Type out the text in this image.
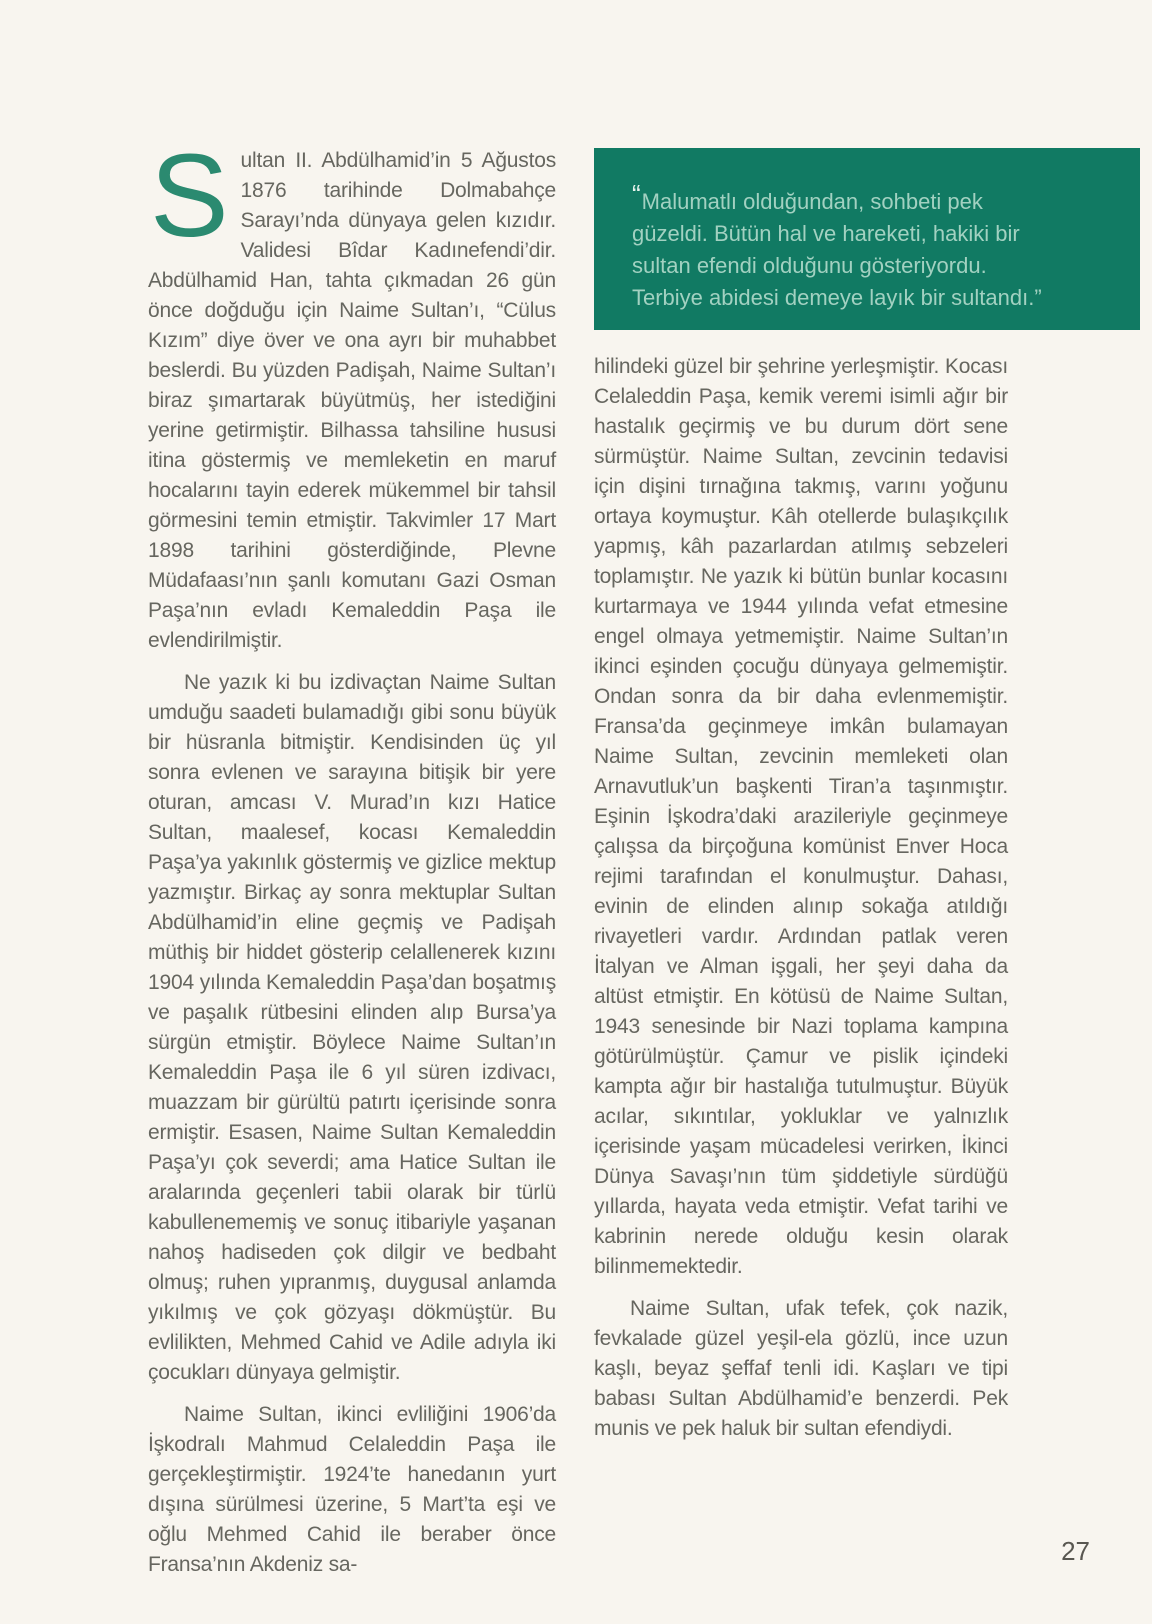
Sultan II. Abdülhamid’in 5 Ağustos 1876 tarihinde Dolmabahçe Sarayı’nda dünyaya gelen kızıdır. Validesi Bîdar Kadınefendi’dir. Abdülhamid Han, tahta çıkmadan 26 gün önce doğduğu için Naime Sultan’ı, “Cülus Kızım” diye över ve ona ayrı bir muhabbet beslerdi. Bu yüzden Padişah, Naime Sultan’ı biraz şımartarak büyütmüş, her istediğini yerine getirmiştir. Bilhassa tahsiline hususi itina göstermiş ve memleketin en maruf hocalarını tayin ederek mükemmel bir tahsil görmesini temin etmiştir. Takvimler 17 Mart 1898 tarihini gösterdiğinde, Plevne Müdafaası’nın şanlı komutanı Gazi Osman Paşa’nın evladı Kemaleddin Paşa ile evlendirilmiştir.

Ne yazık ki bu izdivaçtan Naime Sultan umduğu saadeti bulamadığı gibi sonu büyük bir hüsranla bitmiştir. Kendisinden üç yıl sonra evlenen ve sarayına bitişik bir yere oturan, amcası V. Murad’ın kızı Hatice Sultan, maalesef, kocası Kemaleddin Paşa’ya yakınlık göstermiş ve gizlice mektup yazmıştır. Birkaç ay sonra mektuplar Sultan Abdülhamid’in eline geçmiş ve Padişah müthiş bir hiddet gösterip celallenerek kızını 1904 yılında Kemaleddin Paşa’dan boşatmış ve paşalık rütbesini elinden alıp Bursa’ya sürgün etmiştir. Böylece Naime Sultan’ın Kemaleddin Paşa ile 6 yıl süren izdivacı, muazzam bir gürültü patırtı içerisinde sonra ermiştir. Esasen, Naime Sultan Kemaleddin Paşa’yı çok severdi; ama Hatice Sultan ile aralarında geçenleri tabii olarak bir türlü kabullenememiş ve sonuç itibariyle yaşanan nahoş hadiseden çok dilgir ve bedbaht olmuş; ruhen yıpranmış, duygusal anlamda yıkılmış ve çok gözyaşı dökmüştür. Bu evlilikten, Mehmed Cahid ve Adile adıyla iki çocukları dünyaya gelmiştir.

Naime Sultan, ikinci evliliğini 1906’da İşkodralı Mahmud Celaleddin Paşa ile gerçekleştirmiştir. 1924’te hanedanın yurt dışına sürülmesi üzerine, 5 Mart’ta eşi ve oğlu Mehmed Cahid ile beraber önce Fransa’nın Akdeniz sa-

“Malumatlı olduğundan, sohbeti pek güzeldi. Bütün hal ve hareketi, hakiki bir sultan efendi olduğunu gösteriyordu. Terbiye abidesi demeye layık bir sultandı.”

hilindeki güzel bir şehrine yerleşmiştir. Kocası Celaleddin Paşa, kemik veremi isimli ağır bir hastalık geçirmiş ve bu durum dört sene sürmüştür. Naime Sultan, zevcinin tedavisi için dişini tırnağına takmış, varını yoğunu ortaya koymuştur. Kâh otellerde bulaşıkçılık yapmış, kâh pazarlardan atılmış sebzeleri toplamıştır. Ne yazık ki bütün bunlar kocasını kurtarmaya ve 1944 yılında vefat etmesine engel olmaya yetmemiştir. Naime Sultan’ın ikinci eşinden çocuğu dünyaya gelmemiştir. Ondan sonra da bir daha evlenmemiştir. Fransa’da geçinmeye imkân bulamayan Naime Sultan, zevcinin memleketi olan Arnavutluk’un başkenti Tiran’a taşınmıştır. Eşinin İşkodra’daki arazileriyle geçinmeye çalışsa da birçoğuna komünist Enver Hoca rejimi tarafından el konulmuştur. Dahası, evinin de elinden alınıp sokağa atıldığı rivayetleri vardır. Ardından patlak veren İtalyan ve Alman işgali, her şeyi daha da altüst etmiştir. En kötüsü de Naime Sultan, 1943 senesinde bir Nazi toplama kampına götürülmüştür. Çamur ve pislik içindeki kampta ağır bir hastalığa tutulmuştur. Büyük acılar, sıkıntılar, yokluklar ve yalnızlık içerisinde yaşam mücadelesi verirken, İkinci Dünya Savaşı’nın tüm şiddetiyle sürdüğü yıllarda, hayata veda etmiştir. Vefat tarihi ve kabrinin nerede olduğu kesin olarak bilinmemektedir.

Naime Sultan, ufak tefek, çok nazik, fevkalade güzel yeşil-ela gözlü, ince uzun kaşlı, beyaz şeffaf tenli idi. Kaşları ve tipi babası Sultan Abdülhamid’e benzerdi. Pek munis ve pek haluk bir sultan efendiydi.

27
